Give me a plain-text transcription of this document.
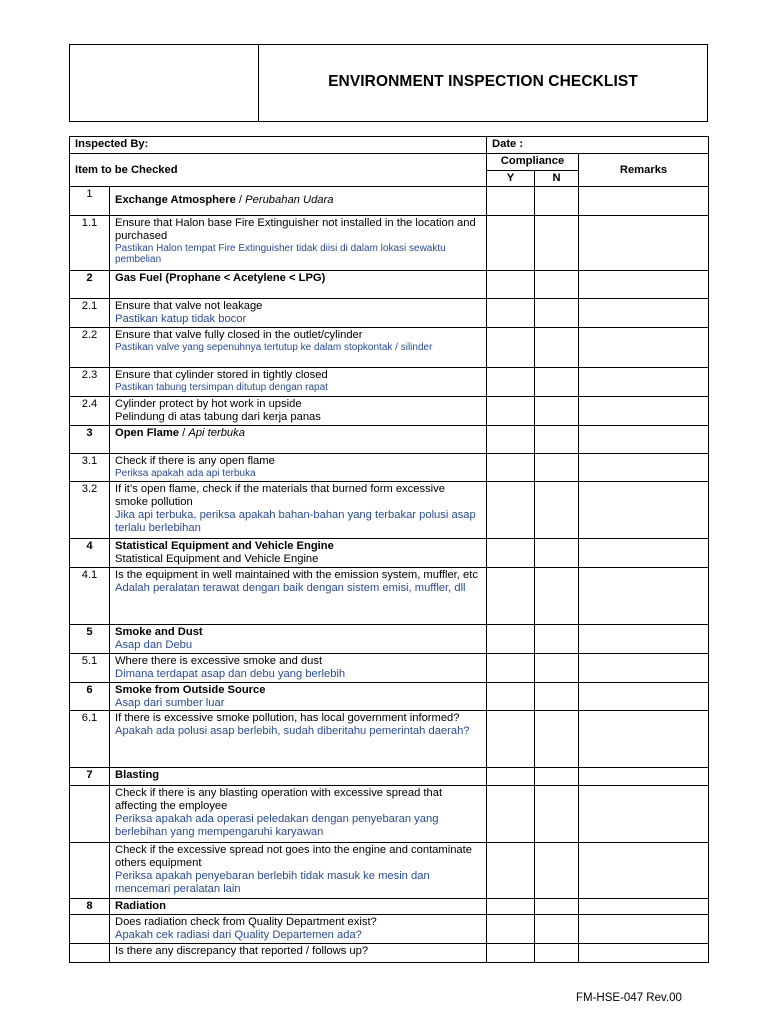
ENVIRONMENT INSPECTION CHECKLIST
Inspected By:		Date :		
Item to be Checked		Compliance		Remarks
		Y	N	
1	Exchange Atmosphere / Perubahan Udara			
1.1	Ensure that Halon base Fire Extinguisher not installed in the location and purchased
Pastikan Halon tempat Fire Extinguisher tidak diisi di dalam lokasi sewaktu pembelian			

2	Gas Fuel (Prophane < Acetylene < LPG)			
2.1	Ensure that valve not leakage
Pastikan katup tidak bocor			

2.2	Ensure that valve fully closed in the outlet/cylinder
Pastikan valve yang sepenuhnya tertutup ke dalam stopkontak / silinder			

2.3	Ensure that cylinder stored in tightly closed
Pastikan tabung tersimpan ditutup dengan rapat			

2.4	Cylinder protect by hot work in upside
Pelindung di atas tabung dari kerja panas			

3	Open Flame / Api terbuka			
3.1	Check if there is any open flame
Periksa apakah ada api terbuka			

3.2	If it’s open flame, check if the materials that burned form excessive smoke pollution
Jika api terbuka, periksa apakah bahan-bahan yang terbakar polusi asap terlalu berlebihan			

4	Statistical Equipment and Vehicle Engine
Statistical Equipment and Vehicle Engine			

4.1	Is the equipment in well maintained with the emission system, muffler, etc
Adalah peralatan terawat dengan baik dengan sistem emisi, muffler, dll			

5	Smoke and Dust
Asap dan Debu			

5.1	Where there is excessive smoke and dust
Dimana terdapat asap dan debu yang berlebih			

6	Smoke from Outside Source
Asap dari sumber luar			

6.1	If there is excessive smoke pollution, has local government informed?
Apakah ada polusi asap berlebih, sudah diberitahu pemerintah daerah?			

7	Blasting			

	Check if there is any blasting operation with excessive spread that affecting the employee
Periksa apakah ada operasi peledakan dengan penyebaran yang berlebihan yang mempengaruhi karyawan			

	Check if the excessive spread not goes into the engine and contaminate others equipment
Periksa apakah penyebaran berlebih tidak masuk ke mesin dan mencemari peralatan lain			

8	Radiation			

	Does radiation check from Quality Department exist?
Apakah cek radiasi dari Quality Departemen ada?			

	Is there any discrepancy that reported / follows up?			

FM-HSE-047 Rev.00
